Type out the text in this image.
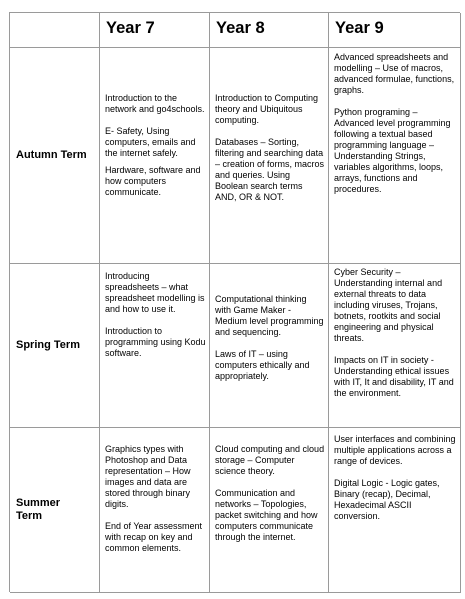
Year 7	Year 8	Year 9
Autumn Term

Introduction to the network and go4schools.

E- Safety, Using computers, emails and the internet safely.

Hardware, software and how computers communicate.

Introduction to Computing theory and Ubiquitous computing.

Databases – Sorting, filtering and searching data – creation of forms, macros and queries. Using Boolean search terms AND, OR & NOT.

Advanced spreadsheets and modelling – Use of macros, advanced formulae, functions, graphs.

Python programing – Advanced level programming following a textual based programming language – Understanding Strings, variables algorithms, loops, arrays, functions and procedures.

Spring Term

Introducing spreadsheets – what spreadsheet modelling is and how to use it.

Introduction to programming using Kodu software.

Computational thinking with Game Maker - Medium level programming and sequencing.

Laws of IT – using computers ethically and appropriately.

Cyber Security – Understanding internal and external threats to data including viruses, Trojans, botnets, rootkits and social engineering and physical threats.

Impacts on IT in society - Understanding ethical issues with IT, It and disability, IT and the environment.

Summer Term

Graphics types with Photoshop and Data representation – How images and data are stored through binary digits.

End of Year assessment with recap on key and common elements.

Cloud computing and cloud storage – Computer science theory.

Communication and networks – Topologies, packet switching and how computers communicate through the internet.

User interfaces and combining multiple applications across a range of devices.

Digital Logic - Logic gates, Binary (recap), Decimal, Hexadecimal ASCII conversion.
